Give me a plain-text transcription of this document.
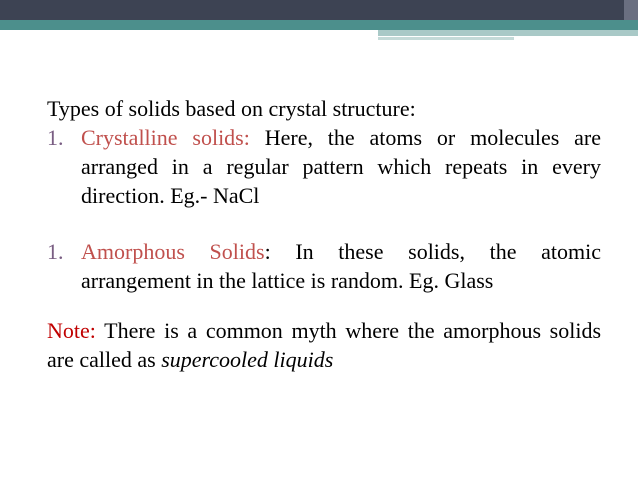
Types of solids based on crystal structure:

1. Crystalline solids: Here, the atoms or molecules are arranged in a regular pattern which repeats in every direction. Eg.- NaCl
1. Amorphous Solids: In these solids, the atomic arrangement in the lattice is random. Eg. Glass

Note: There is a common myth where the amorphous solids are called as supercooled liquids
